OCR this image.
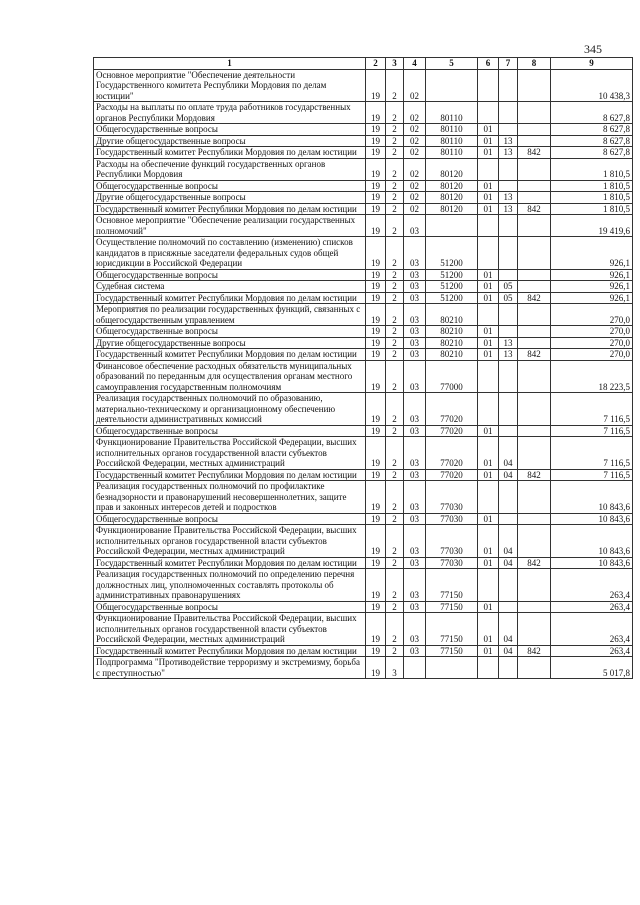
345
1	2	3	4	5	6	7	8	9
Основное мероприятие "Обеспечение деятельности Государственного комитета Республики Мордовия по делам юстиции"	19	2	02					10 438,3
Расходы на выплаты по оплате труда работников государственных органов Республики Мордовия	19	2	02	80110				8 627,8
Общегосударственные вопросы	19	2	02	80110	01			8 627,8
Другие общегосударственные вопросы	19	2	02	80110	01	13		8 627,8
Государственный комитет Республики Мордовия по делам юстиции	19	2	02	80110	01	13	842	8 627,8
Расходы на обеспечение функций государственных органов Республики Мордовия	19	2	02	80120				1 810,5
Общегосударственные вопросы	19	2	02	80120	01			1 810,5
Другие общегосударственные вопросы	19	2	02	80120	01	13		1 810,5
Государственный комитет Республики Мордовия по делам юстиции	19	2	02	80120	01	13	842	1 810,5
Основное мероприятие "Обеспечение реализации государственных полномочий"	19	2	03					19 419,6
Осуществление полномочий по составлению (изменению) списков кандидатов в присяжные заседатели федеральных судов общей юрисдикции в Российской Федерации	19	2	03	51200				926,1
Общегосударственные вопросы	19	2	03	51200	01			926,1
Судебная система	19	2	03	51200	01	05		926,1
Государственный комитет Республики Мордовия по делам юстиции	19	2	03	51200	01	05	842	926,1
Мероприятия по реализации государственных функций, связанных с общегосударственным управлением	19	2	03	80210				270,0
Общегосударственные вопросы	19	2	03	80210	01			270,0
Другие общегосударственные вопросы	19	2	03	80210	01	13		270,0
Государственный комитет Республики Мордовия по делам юстиции	19	2	03	80210	01	13	842	270,0
Финансовое обеспечение расходных обязательств муниципальных образований по переданным для осуществления органам местного самоуправления государственным полномочиям	19	2	03	77000				18 223,5
Реализация государственных полномочий по образованию, материально-техническому и организационному обеспечению деятельности административных комиссий	19	2	03	77020				7 116,5
Общегосударственные вопросы	19	2	03	77020	01			7 116,5
Функционирование Правительства Российской Федерации, высших исполнительных органов государственной власти субъектов Российской Федерации, местных администраций	19	2	03	77020	01	04		7 116,5
Государственный комитет Республики Мордовия по делам юстиции	19	2	03	77020	01	04	842	7 116,5
Реализация государственных полномочий по профилактике безнадзорности и правонарушений несовершеннолетних, защите прав и законных интересов детей и подростков	19	2	03	77030				10 843,6
Общегосударственные вопросы	19	2	03	77030	01			10 843,6
Функционирование Правительства Российской Федерации, высших исполнительных органов государственной власти субъектов Российской Федерации, местных администраций	19	2	03	77030	01	04		10 843,6
Государственный комитет Республики Мордовия по делам юстиции	19	2	03	77030	01	04	842	10 843,6
Реализация государственных полномочий по определению перечня должностных лиц, уполномоченных составлять протоколы об административных правонарушениях	19	2	03	77150				263,4
Общегосударственные вопросы	19	2	03	77150	01			263,4
Функционирование Правительства Российской Федерации, высших исполнительных органов государственной власти субъектов Российской Федерации, местных администраций	19	2	03	77150	01	04		263,4
Государственный комитет Республики Мордовия по делам юстиции	19	2	03	77150	01	04	842	263,4
Подпрограмма "Противодействие терроризму и экстремизму, борьба с преступностью"	19	3						5 017,8
